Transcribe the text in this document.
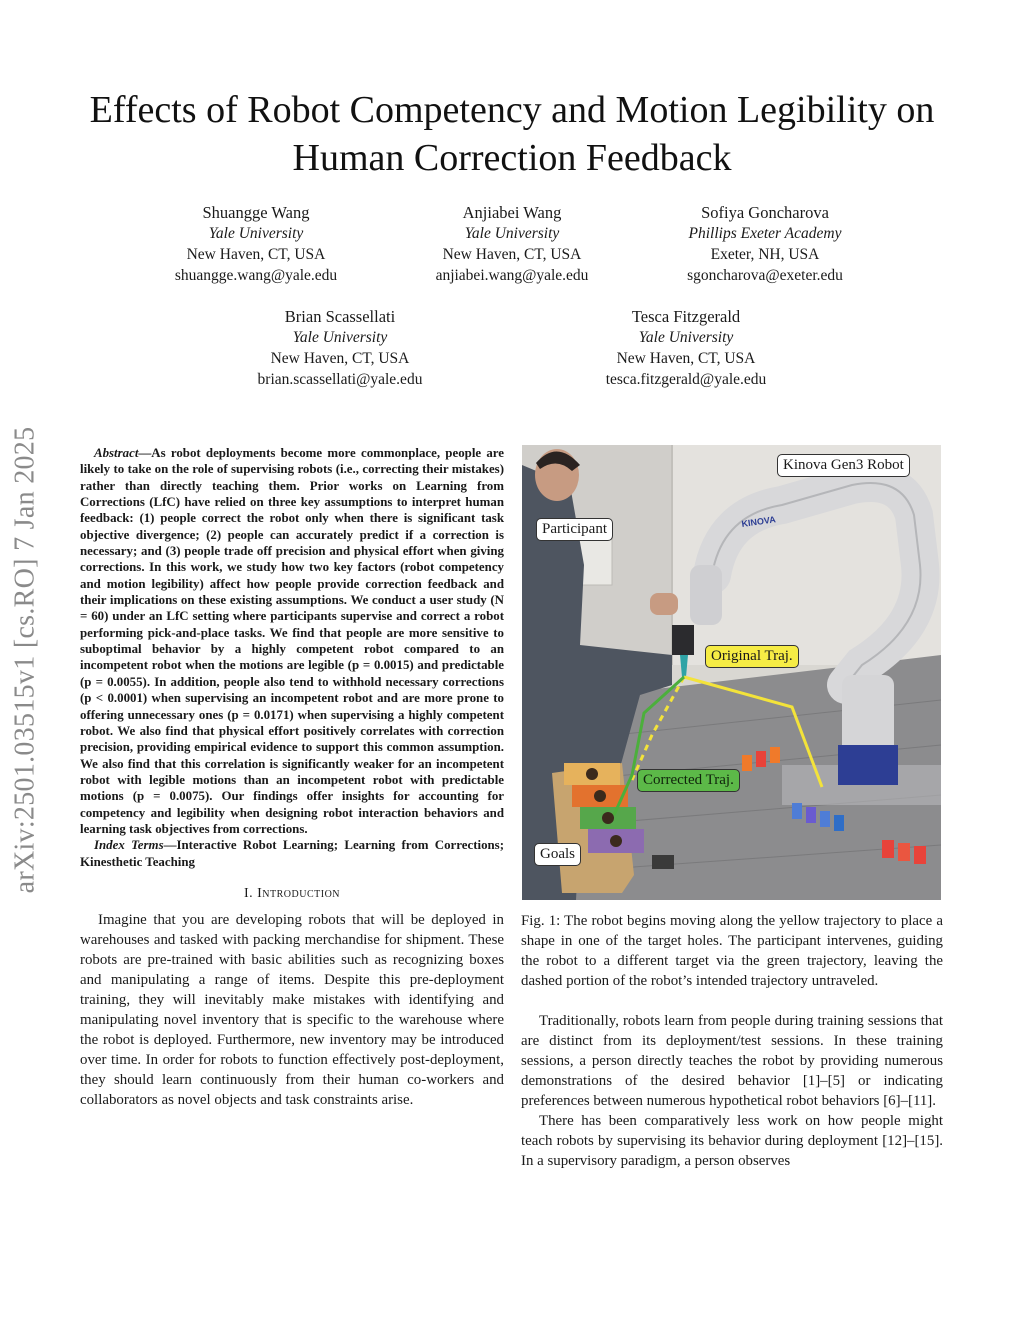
arXiv:2501.03515v1 [cs.RO] 7 Jan 2025
Effects of Robot Competency and Motion Legibility on Human Correction Feedback
Shuangge Wang
Yale University
New Haven, CT, USA
shuangge.wang@yale.edu
Anjiabei Wang
Yale University
New Haven, CT, USA
anjiabei.wang@yale.edu
Sofiya Goncharova
Phillips Exeter Academy
Exeter, NH, USA
sgoncharova@exeter.edu
Brian Scassellati
Yale University
New Haven, CT, USA
brian.scassellati@yale.edu
Tesca Fitzgerald
Yale University
New Haven, CT, USA
tesca.fitzgerald@yale.edu

Abstract—As robot deployments become more commonplace, people are likely to take on the role of supervising robots (i.e., correcting their mistakes) rather than directly teaching them. Prior works on Learning from Corrections (LfC) have relied on three key assumptions to interpret human feedback: (1) people correct the robot only when there is significant task objective divergence; (2) people can accurately predict if a correction is necessary; and (3) people trade off precision and physical effort when giving corrections. In this work, we study how two key factors (robot competency and motion legibility) affect how people provide correction feedback and their implications on these existing assumptions. We conduct a user study (N = 60) under an LfC setting where participants supervise and correct a robot performing pick-and-place tasks. We find that people are more sensitive to suboptimal behavior by a highly competent robot compared to an incompetent robot when the motions are legible (p = 0.0015) and predictable (p = 0.0055). In addition, people also tend to withhold necessary corrections (p < 0.0001) when supervising an incompetent robot and are more prone to offering unnecessary ones (p = 0.0171) when supervising a highly competent robot. We also find that physical effort positively correlates with correction precision, providing empirical evidence to support this common assumption. We also find that this correlation is significantly weaker for an incompetent robot with legible motions than an incompetent robot with predictable motions (p = 0.0075). Our findings offer insights for accounting for competency and legibility when designing robot interaction behaviors and learning task objectives from corrections.

Index Terms—Interactive Robot Learning; Learning from Corrections; Kinesthetic Teaching

I. Introduction

Imagine that you are developing robots that will be deployed in warehouses and tasked with packing merchandise for shipment. These robots are pre-trained with basic abilities such as recognizing boxes and manipulating a range of items. Despite this pre-deployment training, they will inevitably make mistakes with identifying and manipulating novel inventory that is specific to the warehouse where the robot is deployed. Furthermore, new inventory may be introduced over time. In order for robots to function effectively post-deployment, they should learn continuously from their human co-workers and collaborators as novel objects and task constraints arise.

KINOVA
Kinova Gen3 Robot
Participant
Original Traj.
Corrected Traj.
Goals

Fig. 1: The robot begins moving along the yellow trajectory to place a shape in one of the target holes. The participant intervenes, guiding the robot to a different target via the green trajectory, leaving the dashed portion of the robot’s intended trajectory untraveled.

Traditionally, robots learn from people during training sessions that are distinct from its deployment/test sessions. In these training sessions, a person directly teaches the robot by providing numerous demonstrations of the desired behavior [1]–[5] or indicating preferences between numerous hypothetical robot behaviors [6]–[11].

There has been comparatively less work on how people might teach robots by supervising its behavior during deployment [12]–[15]. In a supervisory paradigm, a person observes
